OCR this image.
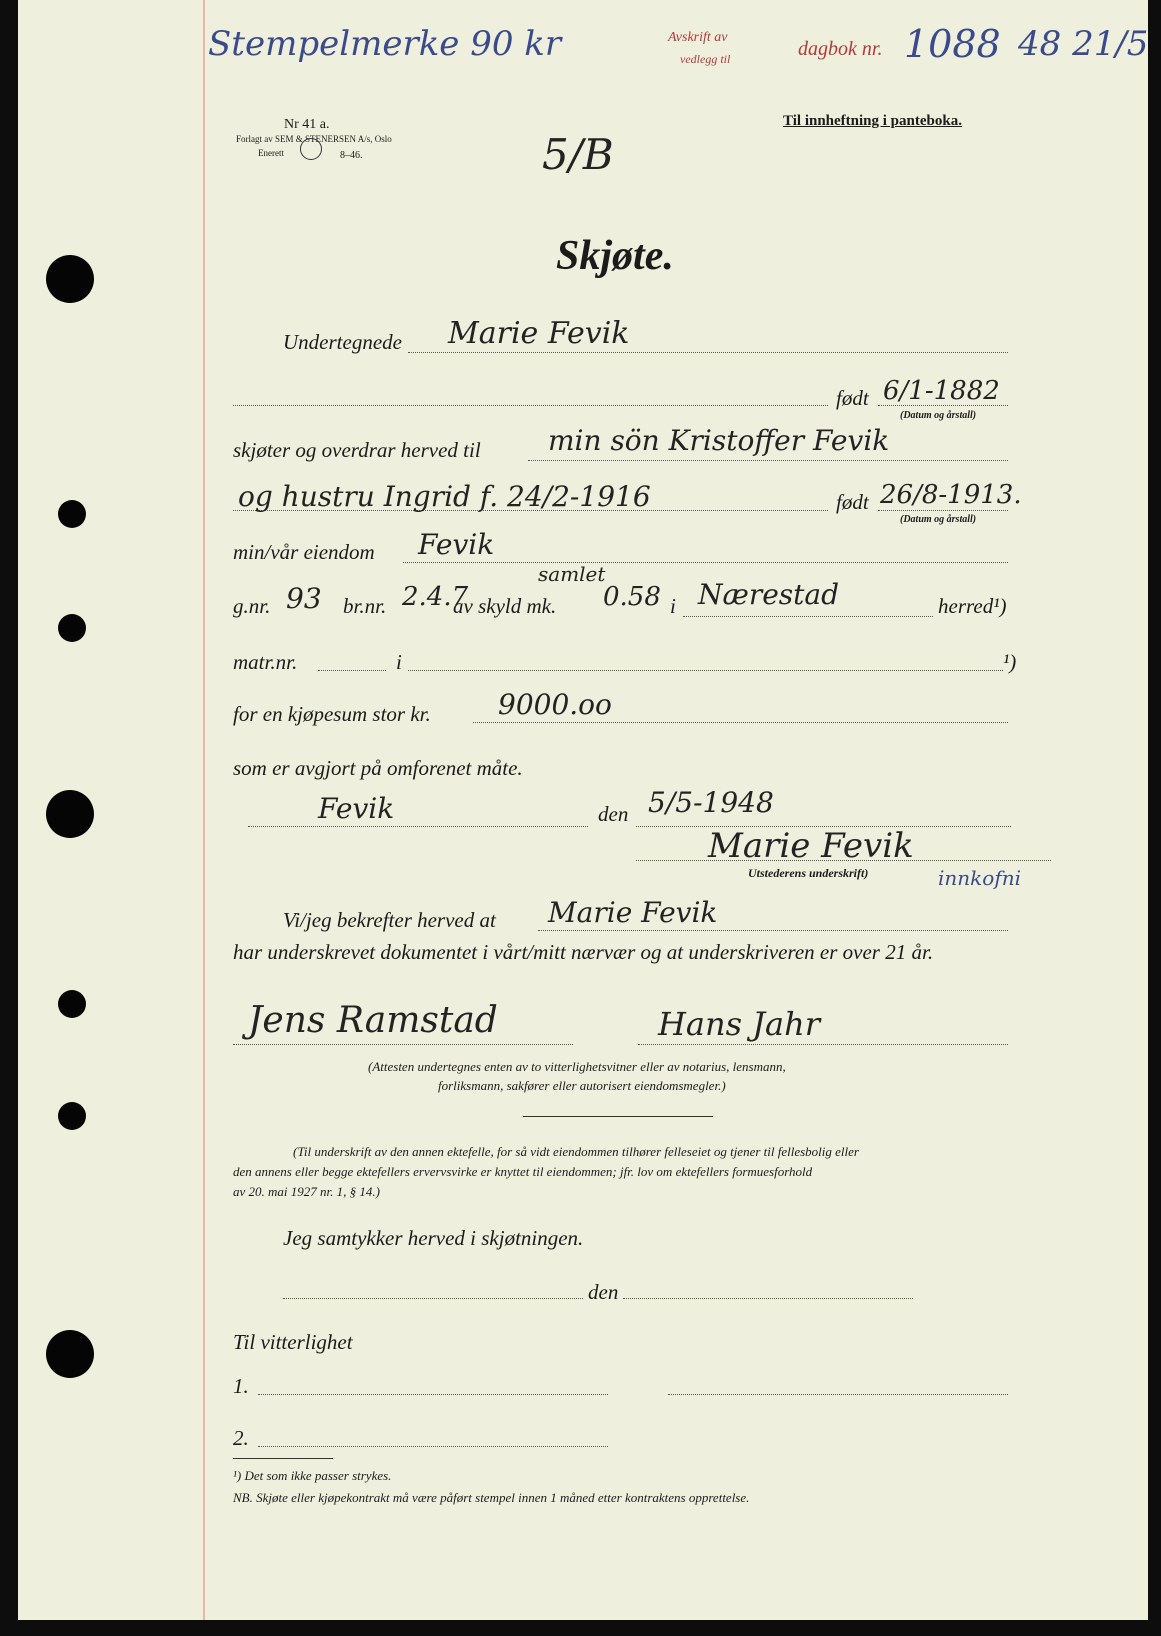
Stempelmerke 90 kr	Avskrift av
vedlegg til	dagbok nr. 1088 48 21/5
Nr 41 a.
Forlagt av SEM & STENERSEN A/s, Oslo
Enerett	8–46.
Til innheftning i panteboka.
5/B
Skjøte.
Undertegnede Marie Fevik
født 6/1-1882
(Datum og årstall)
skjøter og overdrar herved til min sön Kristoffer Fevik
og hustru Ingrid f. 24/2-1916	født 26/8-1913.
(Datum og årstall)
min/vår eiendom Fevik
samlet
g.nr. 93 br.nr. 2.4.7
av skyld mk. 0.58 i Nærestad	herred¹)
matr.nr.	i	¹)
for en kjøpesum stor kr. 9000.oo
som er avgjort på omforenet måte.
Fevik	den 5/5-1948
Marie Fevik
Utstederens underskrift)	innkofni
Vi/jeg bekrefter herved at Marie Fevik
har underskrevet dokumentet i vårt/mitt nærvær og at underskriveren er over 21 år.
Jens Ramstad	Hans Jahr
(Attesten undertegnes enten av to vitterlighetsvitner eller av notarius, lensmann,
forliksmann, sakfører eller autorisert eiendomsmegler.)
(Til underskrift av den annen ektefelle, for så vidt eiendommen tilhører felleseiet og tjener til fellesbolig eller
den annens eller begge ektefellers ervervsvirke er knyttet til eiendommen; jfr. lov om ektefellers formuesforhold
av 20. mai 1927 nr. 1, § 14.)
Jeg samtykker herved i skjøtningen.
den
Til vitterlighet
1.
2.
¹) Det som ikke passer strykes.
NB. Skjøte eller kjøpekontrakt må være påført stempel innen 1 måned etter kontraktens opprettelse.
